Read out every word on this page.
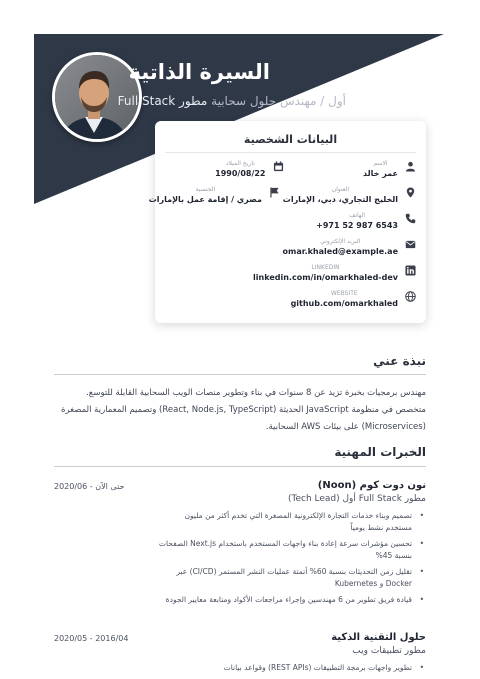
السيرة الذاتية
أول / مهندس حلول سحابية مطور Full Stack
البيانات الشخصية
الاسم
عمر خالد
تاريخ الميلاد
1990/08/22
العنوان
الخليج التجاري، دبي، الإمارات
الجنسية
مصري / إقامة عمل بالإمارات
الهاتف
+971 52 987 6543
البريد الإلكتروني
omar.khaled@example.ae
LINKEDIN
linkedin.com/in/omarkhaled-dev
WEBSITE
github.com/omarkhaled
نبذة عني
مهندس برمجيات بخبرة تزيد عن 8 سنوات في بناء وتطوير منصات الويب السحابية القابلة للتوسع. متخصص في منظومة JavaScript الحديثة (React, Node.js, TypeScript) وتصميم المعمارية المصغرة (Microservices) على بيئات AWS السحابية.
الخبرات المهنية
حتى الآن - 2020/06	نون دوت كوم (Noon)
مطور Full Stack أول (Tech Lead)
• تصميم وبناء خدمات التجارة الإلكترونية المصغرة التي تخدم أكثر من مليون مستخدم نشط يومياً
• تحسين مؤشرات سرعة إعادة بناء واجهات المستخدم باستخدام Next.js الصفحات بنسبة 45%
• تقليل زمن التحديثات بنسبة 60% أتمتة عمليات النشر المستمر (CI/CD) عبر Docker و Kubernetes
• قيادة فريق تطوير من 6 مهندسين وإجراء مراجعات الأكواد ومتابعة معايير الجودة
2016/04 - 2020/05	حلول التقنية الذكية
مطور تطبيقات ويب
• تطوير واجهات برمجة التطبيقات (REST APIs) وقواعد بيانات
